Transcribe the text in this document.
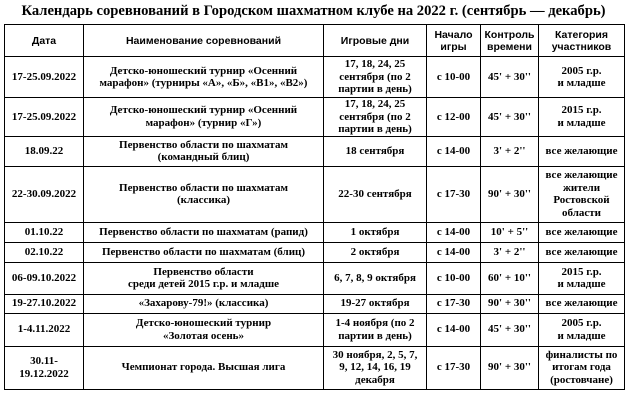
Календарь соревнований в Городском шахматном клубе на 2022 г. (сентябрь — декабрь)
Дата	Наименование соревнований	Игровые дни	Начало
игры	Контроль
времени	Категория
участников

17-25.09.2022	Детско-юношеский турнир «Осенний
марафон» (турниры «А», «Б», «В1», «В2»)	17, 18, 24, 25
сентября (по 2
партии в день)	с 10-00	45' + 30''	2005 г.р.
и младше

17-25.09.2022	Детско-юношеский турнир «Осенний
марафон» (турнир «Г»)	17, 18, 24, 25
сентября (по 2
партии в день)	с 12-00	45' + 30''	2015 г.р.
и младше

18.09.22	Первенство области по шахматам
(командный блиц)	18 сентября	с 14-00	3' + 2''	все желающие

22-30.09.2022	Первенство области по шахматам
(классика)	22-30 сентября	с 17-30	90' + 30''	все желающие
жители
Ростовской
области

01.10.22	Первенство области по шахматам (рапид)	1 октября	с 14-00	10' + 5''	все желающие

02.10.22	Первенство области по шахматам (блиц)	2 октября	с 14-00	3' + 2''	все желающие

06-09.10.2022	Первенство области
среди детей 2015 г.р. и младше	6, 7, 8, 9 октября	с 10-00	60' + 10''	2015 г.р.
и младше

19-27.10.2022	«Захарову-79!» (классика)	19-27 октября	с 17-30	90' + 30''	все желающие

1-4.11.2022	Детско-юношеский турнир
«Золотая осень»	1-4 ноября (по 2
партии в день)	с 14-00	45' + 30''	2005 г.р.
и младше

30.11-
19.12.2022	Чемпионат города. Высшая лига	30 ноября, 2, 5, 7,
9, 12, 14, 16, 19
декабря	с 17-30	90' + 30''	финалисты по
итогам года
(ростовчане)
